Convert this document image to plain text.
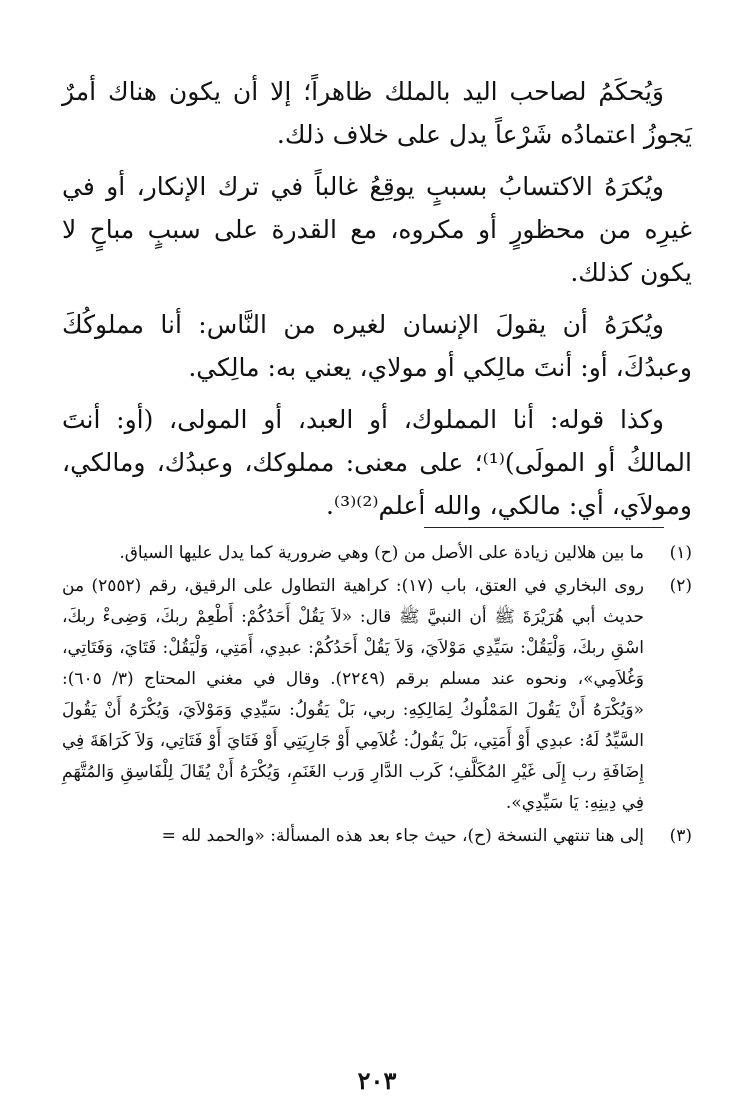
وَيُحكَمُ لصاحب اليد بالملك ظاهراً؛ إلا أن يكون هناك أمرٌ يَجوزُ اعتمادُه شَرْعاً يدل على خلاف ذلك.

ويُكرَهُ الاكتسابُ بسببٍ يوقِعُ غالباً في ترك الإنكار، أو في غيرِه من محظورٍ أو مكروه، مع القدرة على سببٍ مباحٍ لا يكون كذلك.

ويُكرَهُ أن يقولَ الإنسان لغيره من النَّاس: أنا مملوكُكَ وعبدُكَ، أو: أنتَ مالِكي أو مولاي، يعني به: مالِكي.

وكذا قوله: أنا المملوك، أو العبد، أو المولى، (أو: أنتَ المالكُ أو المولَى)⁽¹⁾؛ على معنى: مملوكك، وعبدُك، ومالكي، ومولاَي، أي: مالكي، والله أعلم⁽²⁾⁽³⁾.

(١)
ما بين هلالين زيادة على الأصل من (ح) وهي ضرورية كما يدل عليها السياق.
(٢)
روى البخاري في العتق، باب (١٧): كراهية التطاول على الرقيق، رقم (٢٥٥٢) من حديث أبي هُرَيْرَةَ ﷺ أن النبيَّ ﷺ قال: «لاَ يَقُلْ أَحَدُكُمْ: أَطْعِمْ ربكَ، وَضِىءْ ربكَ، اسْقِ ربكَ، وَلْيَقُلْ: سَيِّدِي مَوْلاَيَ، وَلاَ يَقُلْ أَحَدُكُمْ: عبدِي، أَمَتِي، وَلْيَقُلْ: فَتَايَ، وَفَتَاتِي، وَغُلاَمِي»، ونحوه عند مسلم برقم (٢٢٤٩). وقال في مغني المحتاج (٣/ ٦٠٥): «وَيُكْرَهُ أَنْ يَقُولَ المَمْلُوكُ لِمَالِكِهِ: ربي، بَلْ يَقُولُ: سَيِّدِي وَمَوْلاَيَ، وَيُكْرَهُ أَنْ يَقُولَ السَّيِّدُ لَهُ: عبدِي أَوْ أَمَتِي، بَلْ يَقُولُ: غُلاَمِي أَوْ جَارِيَتِي أَوْ فَتَايَ أَوْ فَتَاتِي، وَلاَ كَرَاهَةَ فِي إِضَافَةِ رب إِلَى غَيْرِ المُكَلَّفِ؛ كَرب الدَّارِ وَرب الغَنَمِ، وَيُكْرَهُ أَنْ يُقَالَ لِلْفَاسِقِ وَالمُتَّهَمِ فِي دِينِهِ: يَا سَيِّدِي».
(٣)
إلى هنا تنتهي النسخة (ح)، حيث جاء بعد هذه المسألة: «والحمد لله =
٢٠٣
